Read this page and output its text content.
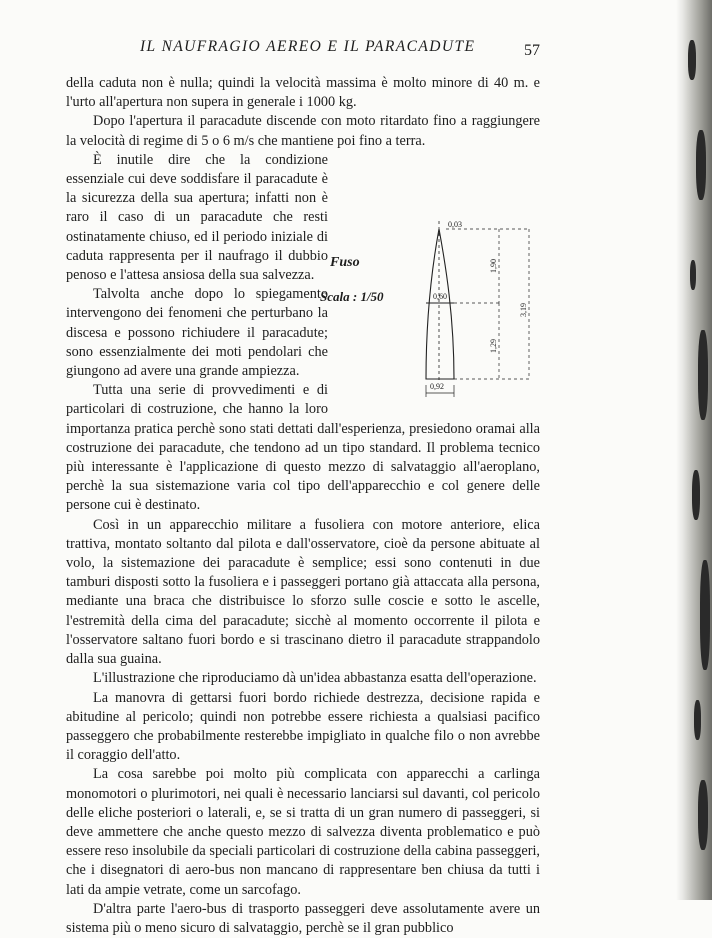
IL NAUFRAGIO AEREO E IL PARACADUTE	57

della caduta non è nulla; quindi la velocità massima è molto minore di 40 m. e l'urto all'apertura non supera in generale i 1000 kg.

Dopo l'apertura il paracadute discende con moto ritardato fino a raggiungere la velocità di regime di 5 o 6 m/s che mantiene poi fino a terra.

Fuso
Scala : 1/50
0,03
0,60
0,92
1,90
1,29
3,19

È inutile dire che la condizione essenziale cui deve soddisfare il paracadute è la sicurezza della sua apertura; infatti non è raro il caso di un paracadute che resti ostinatamente chiuso, ed il periodo iniziale di caduta rappresenta per il naufrago il dubbio penoso e l'attesa ansiosa della sua salvezza.

Talvolta anche dopo lo spiegamento intervengono dei fenomeni che perturbano la discesa e possono richiudere il paracadute; sono essenzialmente dei moti pendolari che giungono ad avere una grande ampiezza.

Tutta una serie di provvedimenti e di particolari di costruzione, che hanno la loro importanza pratica perchè sono stati dettati dall'esperienza, presiedono oramai alla costruzione dei paracadute, che tendono ad un tipo standard. Il problema tecnico più interessante è l'applicazione di questo mezzo di salvataggio all'aeroplano, perchè la sua sistemazione varia col tipo dell'apparecchio e col genere delle persone cui è destinato.

Così in un apparecchio militare a fusoliera con motore anteriore, elica trattiva, montato soltanto dal pilota e dall'osservatore, cioè da persone abituate al volo, la sistemazione dei paracadute è semplice; essi sono contenuti in due tamburi disposti sotto la fusoliera e i passeggeri portano già attaccata alla persona, mediante una braca che distribuisce lo sforzo sulle coscie e sotto le ascelle, l'estremità della cima del paracadute; sicchè al momento occorrente il pilota e l'osservatore saltano fuori bordo e si trascinano dietro il paracadute strappandolo dalla sua guaina.

L'illustrazione che riproduciamo dà un'idea abbastanza esatta dell'operazione.

La manovra di gettarsi fuori bordo richiede destrezza, decisione rapida e abitudine al pericolo; quindi non potrebbe essere richiesta a qualsiasi pacifico passeggero che probabilmente resterebbe impigliato in qualche filo o non avrebbe il coraggio dell'atto.

La cosa sarebbe poi molto più complicata con apparecchi a carlinga monomotori o plurimotori, nei quali è necessario lanciarsi sul davanti, col pericolo delle eliche posteriori o laterali, e, se si tratta di un gran numero di passeggeri, si deve ammettere che anche questo mezzo di salvezza diventa problematico e può essere reso insolubile da speciali particolari di costruzione della cabina passeggeri, che i disegnatori di aero-bus non mancano di rappresentare ben chiusa da tutti i lati da ampie vetrate, come un sarcofago.

D'altra parte l'aero-bus di trasporto passeggeri deve assolutamente avere un sistema più o meno sicuro di salvataggio, perchè se il gran pubblico
